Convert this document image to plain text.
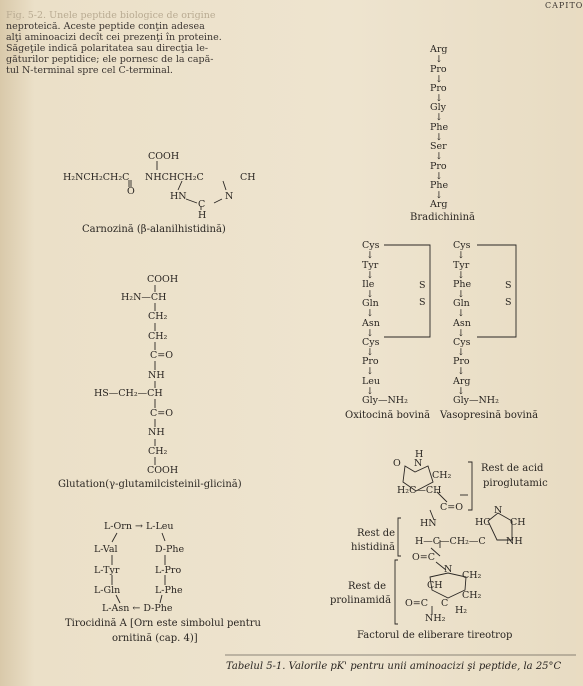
CAPITO
Fig. 5-2. Unele peptide biologice de origine
neproteică. Aceste peptide conţin adesea
alţi aminoacizi decît cei prezenţi în proteine.
Săgeţile indică polaritatea sau direcţia le-
găturilor peptidice; ele pornesc de la capă-
tul N-terminal spre cel C-terminal.
COOH
H₂NCH₂CH₂C NHCHCH₂C	CH
O	HN	N
C
H
Carnozină (β-alanilhistidină)
Arg
↓
Pro
↓
Pro
↓
Gly
↓
Phe
↓
Ser
↓
Pro
↓
Phe
↓
Arg
Bradichinină
COOH
H₂N—CH
CH₂
CH₂
C=O
NH
HS—CH₂—CH
C=O
NH
CH₂
COOH
Glutation(γ-glutamilcisteinil-glicină)
Cys
↓
Tyr
↓
Ile
↓
Gln
↓
Asn
↓
Cys
↓
Pro
↓
Leu
↓
Gly—NH₂
S
S
Oxitocină bovină
Cys
↓
Tyr
↓
Phe
↓
Gln
↓
Asn
↓
Cys
↓
Pro
↓
Arg
↓
Gly—NH₂
S
S
Vasopresină bovină
L-Orn → L-Leu
L-Val
L-Tyr
L-Gln
D-Phe
L-Pro
L-Phe
L-Asn ← D-Phe
Tirocidină A [Orn este simbolul pentru
ornitină (cap. 4)]
O N
H
CH₂
H₂C—CH
C=O
Rest de acid
piroglutamic
HN	HC
N
CH
H—C—CH₂—C NH
O=C
Rest de
histidină
N
CH
CH₂
O=C C
CH₂
H₂
NH₂
Rest de
prolinamidă
Factorul de eliberare tireotrop
Tabelul 5-1. Valorile pK' pentru unii aminoacizi şi peptide, la 25°C
